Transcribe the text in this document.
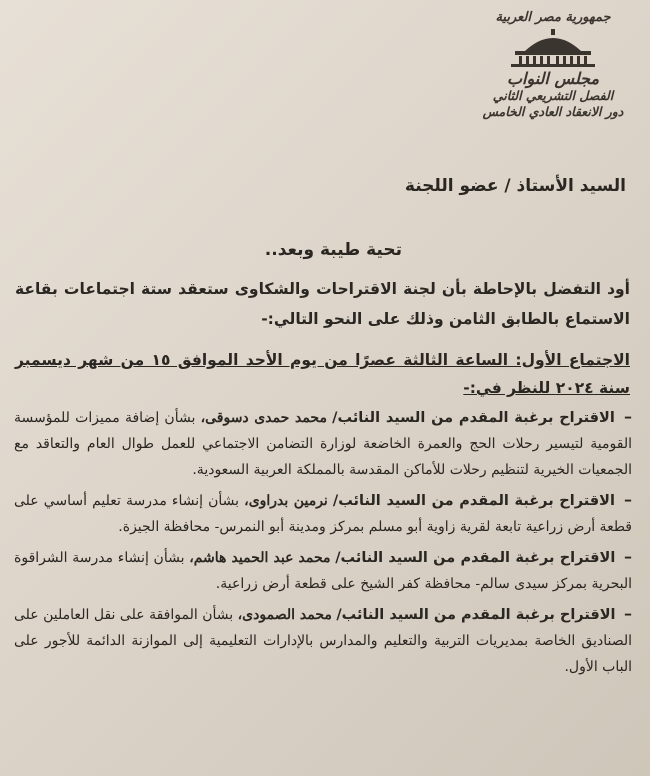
جمهورية مصر العربية
مجلس النواب
الفصل التشريعي الثاني
دور الانعقاد العادي الخامس
السيد الأستاذ / عضو اللجنة
تحية طيبة وبعد..
أود التفضل بالإحاطة بأن لجنة الاقتراحات والشكاوى ستعقد ستة اجتماعات بقاعة الاستماع بالطابق الثامن وذلك على النحو التالي:-
الاجتماع الأول: الساعة الثالثة عصرًا من يوم الأحد الموافق ١٥ من شهر ديسمبر سنة ٢٠٢٤ للنظر في:-

– الاقتراح برغبة المقدم من السيد النائب/ محمد حمدى دسوقى، بشأن إضافة مميزات للمؤسسة القومية لتيسير رحلات الحج والعمرة الخاضعة لوزارة التضامن الاجتماعي للعمل طوال العام والتعاقد مع الجمعيات الخيرية لتنظيم رحلات للأماكن المقدسة بالمملكة العربية السعودية.

– الاقتراح برغبة المقدم من السيد النائب/ نرمين بدراوى، بشأن إنشاء مدرسة تعليم أساسي على قطعة أرض زراعية تابعة لقرية زاوية أبو مسلم بمركز ومدينة أبو النمرس- محافظة الجيزة.

– الاقتراح برغبة المقدم من السيد النائب/ محمد عبد الحميد هاشم، بشأن إنشاء مدرسة الشراقوة البحرية بمركز سيدى سالم- محافظة كفر الشيخ على قطعة أرض زراعية.

– الاقتراح برغبة المقدم من السيد النائب/ محمد الصمودى، بشأن الموافقة على نقل العاملين على الصناديق الخاصة بمديريات التربية والتعليم والمدارس بالإدارات التعليمية إلى الموازنة الدائمة للأجور على الباب الأول.
